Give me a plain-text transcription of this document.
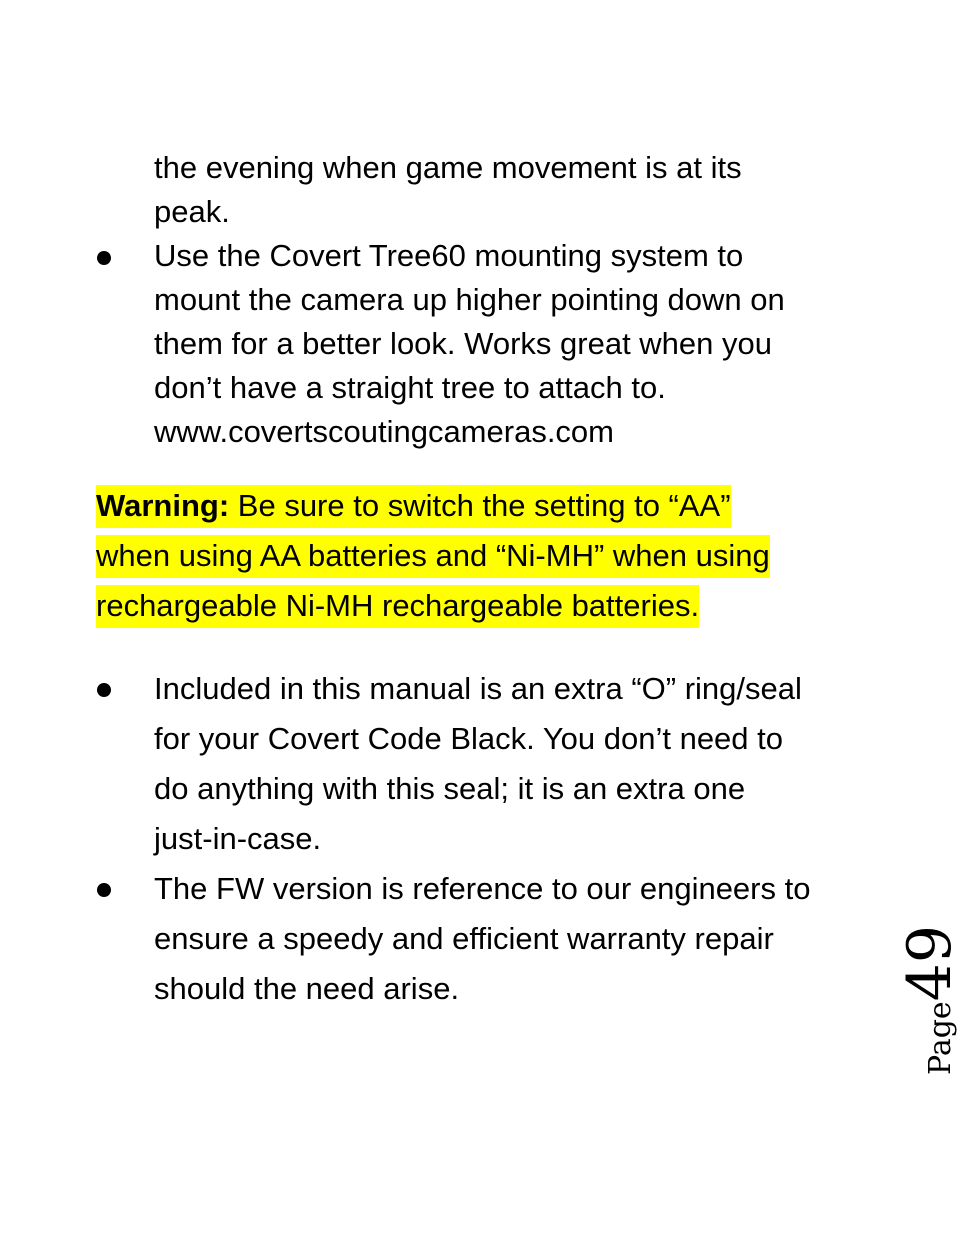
the evening when game movement is at its
peak.
Use the Covert Tree60 mounting system to
mount the camera up higher pointing down on
them for a better look. Works great when you
don’t have a straight tree to attach to.
www.covertscoutingcameras.com
Warning: Be sure to switch the setting to “AA”
when using AA batteries and “Ni-MH” when using
rechargeable Ni-MH rechargeable batteries.
Included in this manual is an extra “O” ring/seal
for your Covert Code Black. You don’t need to
do anything with this seal; it is an extra one
just-in-case.
The FW version is reference to our engineers to
ensure a speedy and efficient warranty repair
should the need arise.
Page49
